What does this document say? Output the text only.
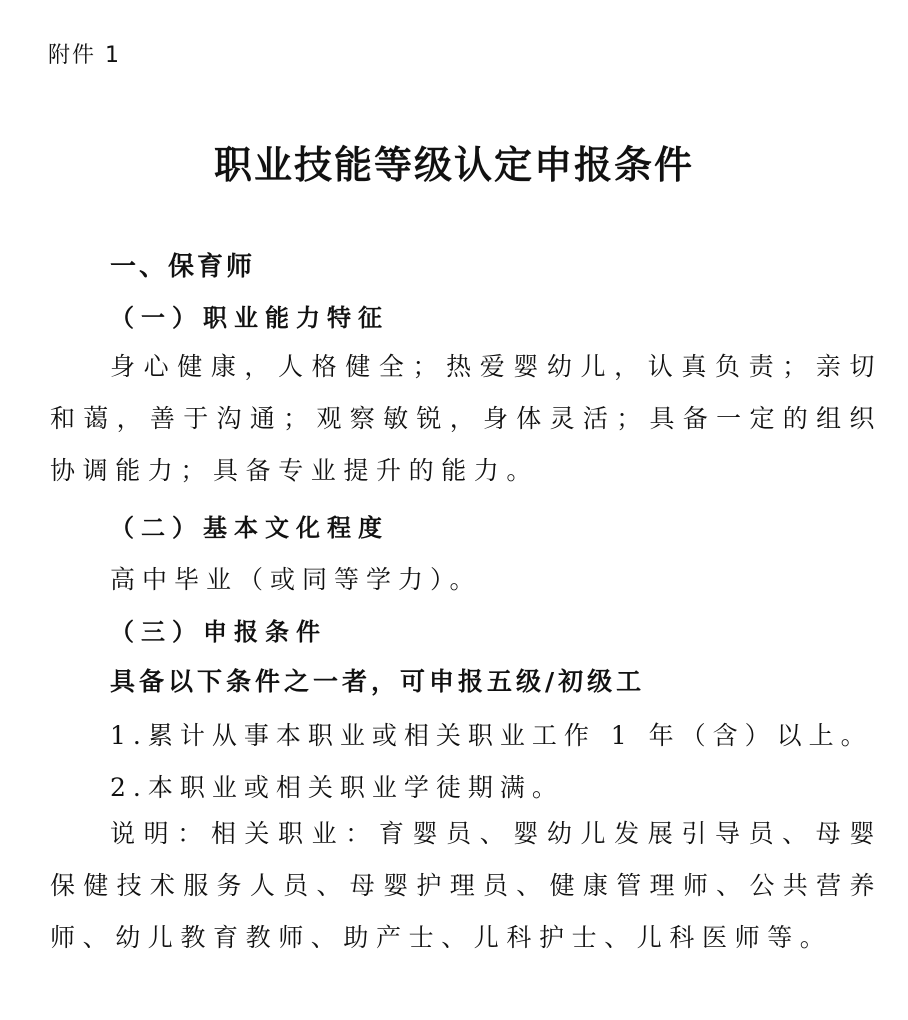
附件 1
职业技能等级认定申报条件
一、保育师
（一）职业能力特征
身心健康，人格健全；热爱婴幼儿，认真负责；亲切和蔼，善于沟通；观察敏锐，身体灵活；具备一定的组织协调能力；具备专业提升的能力。
（二）基本文化程度
高中毕业（或同等学力）。
（三）申报条件
具备以下条件之一者，可申报五级/初级工
1.累计从事本职业或相关职业工作 1 年（含）以上。
2.本职业或相关职业学徒期满。
说明：相关职业：育婴员、婴幼儿发展引导员、母婴保健技术服务人员、母婴护理员、健康管理师、公共营养师、幼儿教育教师、助产士、儿科护士、儿科医师等。
